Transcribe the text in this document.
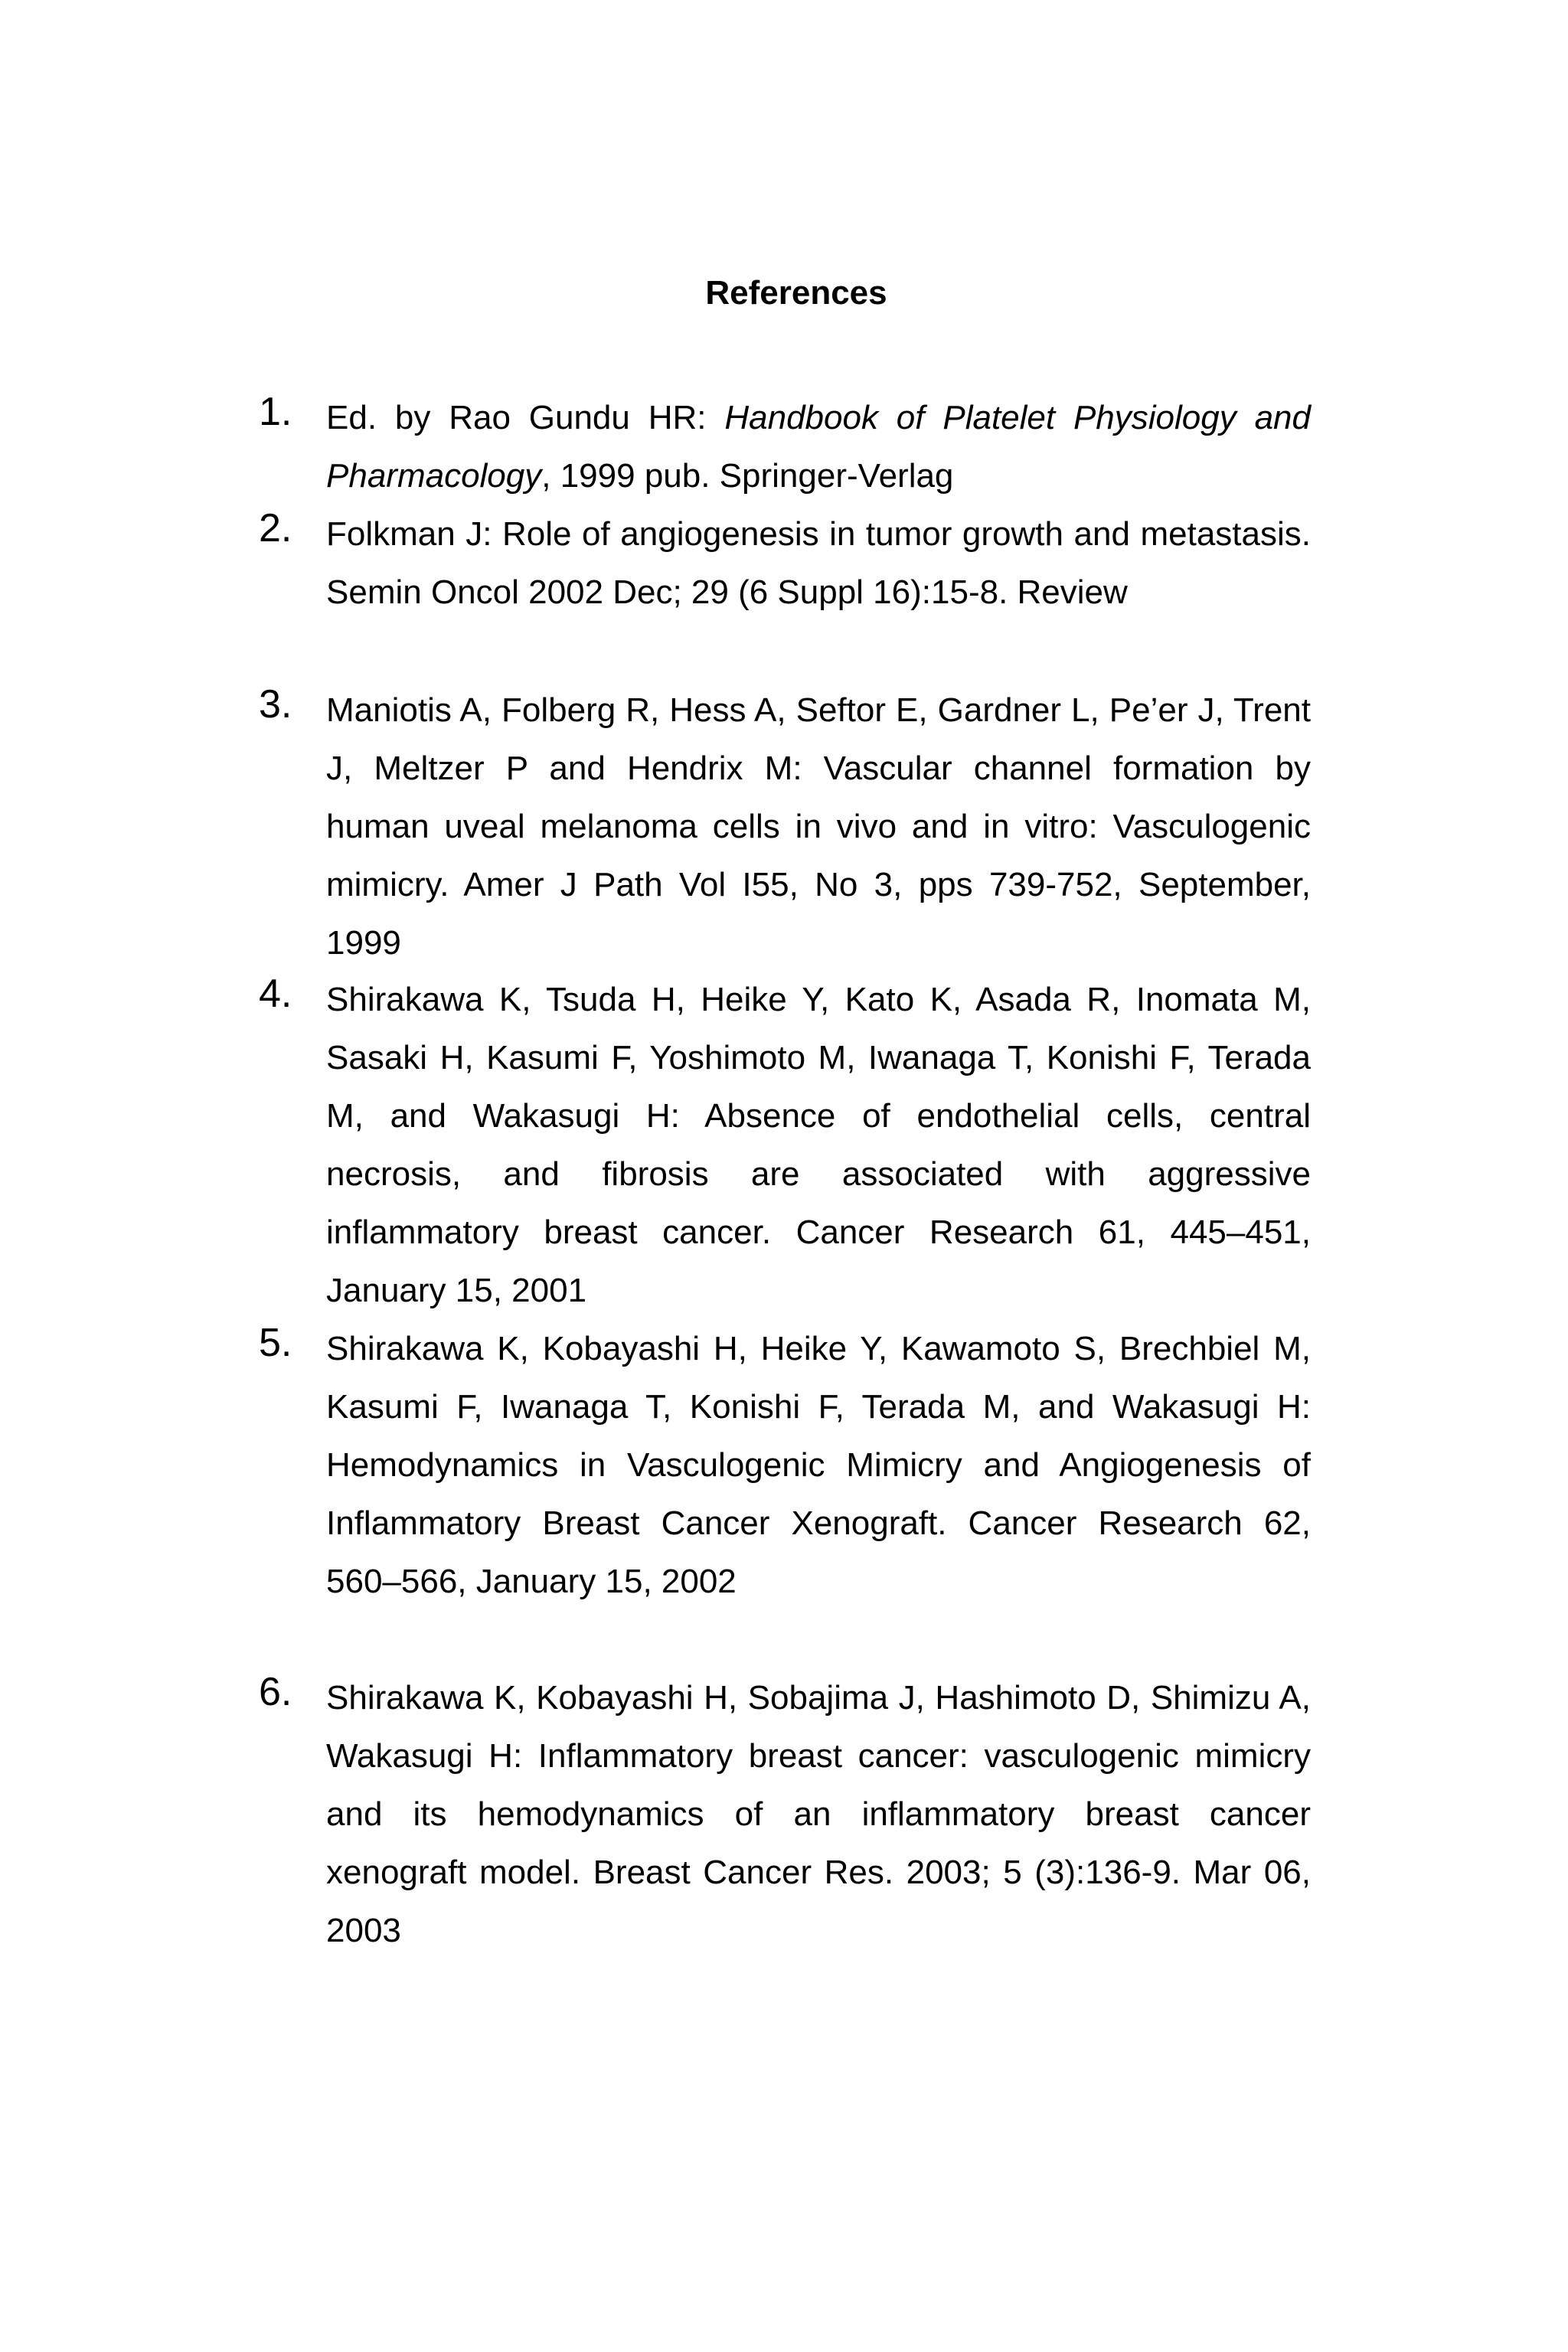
References
1. Ed. by Rao Gundu HR: Handbook of Platelet Physiology and Pharmacology, 1999 pub. Springer-Verlag
2. Folkman J: Role of angiogenesis in tumor growth and metastasis. Semin Oncol 2002 Dec; 29 (6 Suppl 16):15-8. Review
3. Maniotis A, Folberg R, Hess A, Seftor E, Gardner L, Pe’er J, Trent J, Meltzer P and Hendrix M: Vascular channel formation by human uveal melanoma cells in vivo and in vitro: Vasculogenic mimicry. Amer J Path Vol I55, No 3, pps 739-752, September, 1999
4. Shirakawa K, Tsuda H, Heike Y, Kato K, Asada R, Inomata M, Sasaki H, Kasumi F, Yoshimoto M, Iwanaga T, Konishi F, Terada M, and Wakasugi H: Absence of endothelial cells, central necrosis, and fibrosis are associated with aggressive inflammatory breast cancer. Cancer Research 61, 445–451, January 15, 2001
5. Shirakawa K, Kobayashi H, Heike Y, Kawamoto S, Brechbiel M, Kasumi F, Iwanaga T, Konishi F, Terada M, and Wakasugi H: Hemodynamics in Vasculogenic Mimicry and Angiogenesis of Inflammatory Breast Cancer Xenograft. Cancer Research 62, 560–566, January 15, 2002
6. Shirakawa K, Kobayashi H, Sobajima J, Hashimoto D, Shimizu A, Wakasugi H: Inflammatory breast cancer: vasculogenic mimicry and its hemodynamics of an inflammatory breast cancer xenograft model. Breast Cancer Res. 2003; 5 (3):136-9. Mar 06, 2003
